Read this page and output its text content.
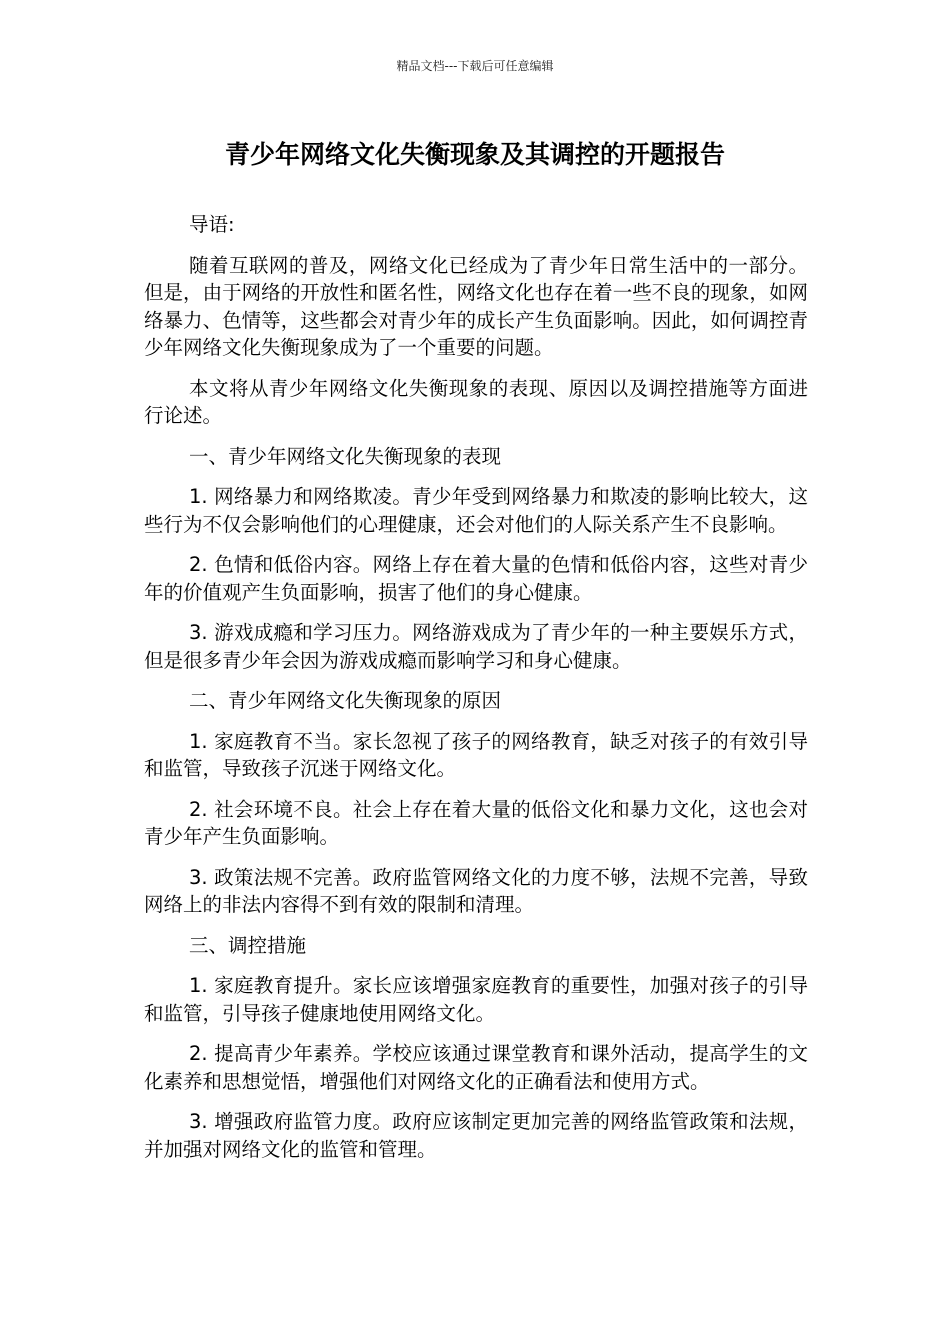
精品文档---下载后可任意编辑
青少年网络文化失衡现象及其调控的开题报告

导语:

随着互联网的普及，网络文化已经成为了青少年日常生活中的一部分。但是，由于网络的开放性和匿名性，网络文化也存在着一些不良的现象，如网络暴力、色情等，这些都会对青少年的成长产生负面影响。因此，如何调控青少年网络文化失衡现象成为了一个重要的问题。

本文将从青少年网络文化失衡现象的表现、原因以及调控措施等方面进行论述。

一、青少年网络文化失衡现象的表现

1. 网络暴力和网络欺凌。青少年受到网络暴力和欺凌的影响比较大，这些行为不仅会影响他们的心理健康，还会对他们的人际关系产生不良影响。

2. 色情和低俗内容。网络上存在着大量的色情和低俗内容，这些对青少年的价值观产生负面影响，损害了他们的身心健康。

3. 游戏成瘾和学习压力。网络游戏成为了青少年的一种主要娱乐方式，但是很多青少年会因为游戏成瘾而影响学习和身心健康。

二、青少年网络文化失衡现象的原因

1. 家庭教育不当。家长忽视了孩子的网络教育，缺乏对孩子的有效引导和监管，导致孩子沉迷于网络文化。

2. 社会环境不良。社会上存在着大量的低俗文化和暴力文化，这也会对青少年产生负面影响。

3. 政策法规不完善。政府监管网络文化的力度不够，法规不完善，导致网络上的非法内容得不到有效的限制和清理。

三、调控措施

1. 家庭教育提升。家长应该增强家庭教育的重要性，加强对孩子的引导和监管，引导孩子健康地使用网络文化。

2. 提高青少年素养。学校应该通过课堂教育和课外活动，提高学生的文化素养和思想觉悟，增强他们对网络文化的正确看法和使用方式。

3. 增强政府监管力度。政府应该制定更加完善的网络监管政策和法规，并加强对网络文化的监管和管理。
